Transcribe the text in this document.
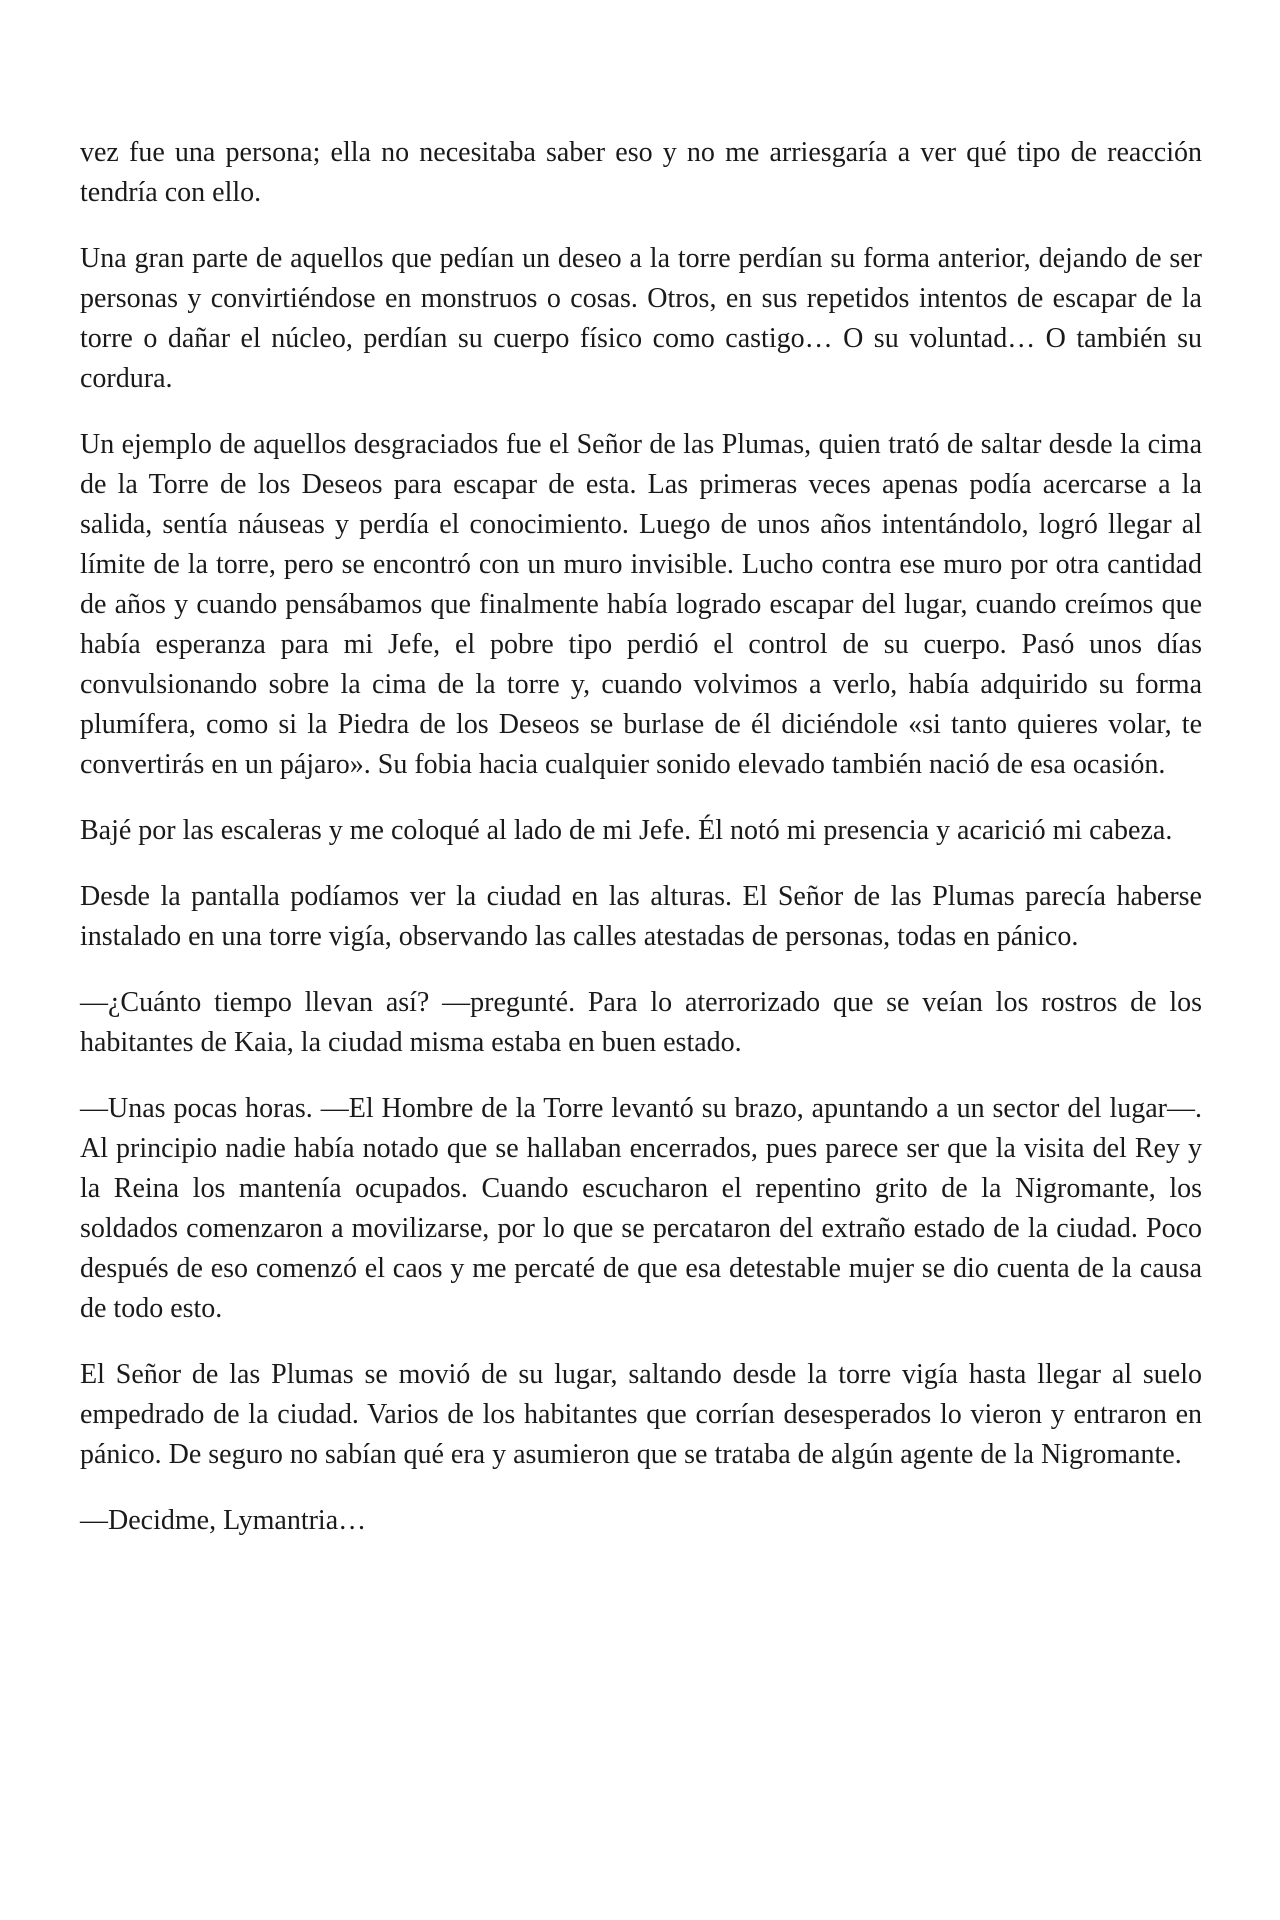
vez fue una persona; ella no necesitaba saber eso y no me arriesgaría a ver qué tipo de reacción tendría con ello.

Una gran parte de aquellos que pedían un deseo a la torre perdían su forma anterior, dejando de ser personas y convirtiéndose en monstruos o cosas. Otros, en sus repetidos intentos de escapar de la torre o dañar el núcleo, perdían su cuerpo físico como castigo… O su voluntad… O también su cordura.

Un ejemplo de aquellos desgraciados fue el Señor de las Plumas, quien trató de saltar desde la cima de la Torre de los Deseos para escapar de esta. Las primeras veces apenas podía acercarse a la salida, sentía náuseas y perdía el conocimiento. Luego de unos años intentándolo, logró llegar al límite de la torre, pero se encontró con un muro invisible. Lucho contra ese muro por otra cantidad de años y cuando pensábamos que finalmente había logrado escapar del lugar, cuando creímos que había esperanza para mi Jefe, el pobre tipo perdió el control de su cuerpo. Pasó unos días convulsionando sobre la cima de la torre y, cuando volvimos a verlo, había adquirido su forma plumífera, como si la Piedra de los Deseos se burlase de él diciéndole «si tanto quieres volar, te convertirás en un pájaro». Su fobia hacia cualquier sonido elevado también nació de esa ocasión.

Bajé por las escaleras y me coloqué al lado de mi Jefe. Él notó mi presencia y acarició mi cabeza.

Desde la pantalla podíamos ver la ciudad en las alturas. El Señor de las Plumas parecía haberse instalado en una torre vigía, observando las calles atestadas de personas, todas en pánico.

—¿Cuánto tiempo llevan así? —pregunté. Para lo aterrorizado que se veían los rostros de los habitantes de Kaia, la ciudad misma estaba en buen estado.

—Unas pocas horas. —El Hombre de la Torre levantó su brazo, apuntando a un sector del lugar—. Al principio nadie había notado que se hallaban encerrados, pues parece ser que la visita del Rey y la Reina los mantenía ocupados. Cuando escucharon el repentino grito de la Nigromante, los soldados comenzaron a movilizarse, por lo que se percataron del extraño estado de la ciudad. Poco después de eso comenzó el caos y me percaté de que esa detestable mujer se dio cuenta de la causa de todo esto.

El Señor de las Plumas se movió de su lugar, saltando desde la torre vigía hasta llegar al suelo empedrado de la ciudad. Varios de los habitantes que corrían desesperados lo vieron y entraron en pánico. De seguro no sabían qué era y asumieron que se trataba de algún agente de la Nigromante.

—Decidme, Lymantria…
